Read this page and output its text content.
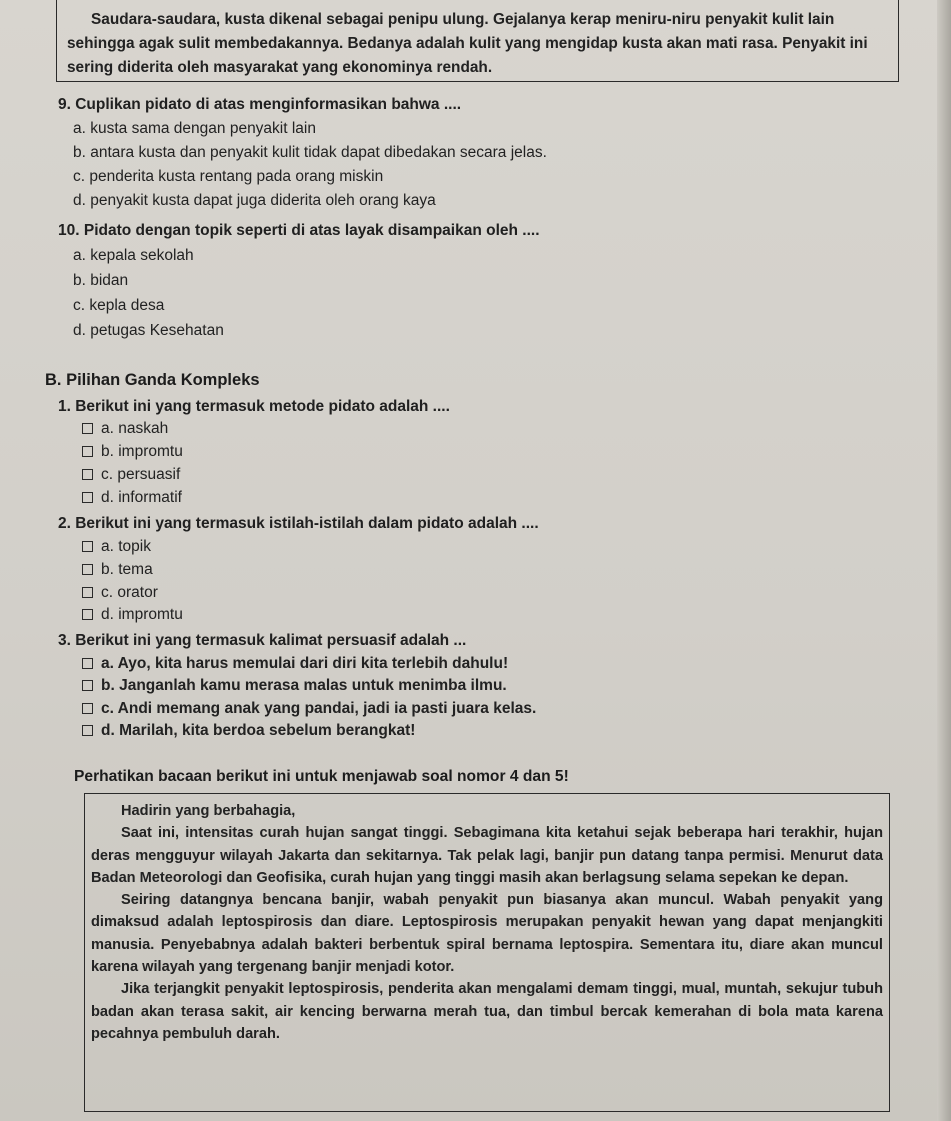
Saudara-saudara, kusta dikenal sebagai penipu ulung. Gejalanya kerap meniru-niru penyakit kulit lain sehingga agak sulit membedakannya. Bedanya adalah kulit yang mengidap kusta akan mati rasa. Penyakit ini sering diderita oleh masyarakat yang ekonominya rendah.
9. Cuplikan pidato di atas menginformasikan bahwa ....
a. kusta sama dengan penyakit lain
b. antara kusta dan penyakit kulit tidak dapat dibedakan secara jelas.
c. penderita kusta rentang pada orang miskin
d. penyakit kusta dapat juga diderita oleh orang kaya
10. Pidato dengan topik seperti di atas layak disampaikan oleh ....
a. kepala sekolah
b. bidan
c. kepla desa
d. petugas Kesehatan
B. Pilihan Ganda Kompleks
1. Berikut ini yang termasuk metode pidato adalah ....
a. naskah
b. impromtu
c. persuasif
d. informatif
2. Berikut ini yang termasuk istilah-istilah dalam pidato adalah ....
a. topik
b. tema
c. orator
d. impromtu
3. Berikut ini yang termasuk kalimat persuasif adalah ...
a. Ayo, kita harus memulai dari diri kita terlebih dahulu!
b. Janganlah kamu merasa malas untuk menimba ilmu.
c. Andi memang anak yang pandai, jadi ia pasti juara kelas.
d. Marilah, kita berdoa sebelum berangkat!
Perhatikan bacaan berikut ini untuk menjawab soal nomor 4 dan 5!

Hadirin yang berbahagia,

Saat ini, intensitas curah hujan sangat tinggi. Sebagimana kita ketahui sejak beberapa hari terakhir, hujan deras mengguyur wilayah Jakarta dan sekitarnya. Tak pelak lagi, banjir pun datang tanpa permisi. Menurut data Badan Meteorologi dan Geofisika, curah hujan yang tinggi masih akan berlagsung selama sepekan ke depan.

Seiring datangnya bencana banjir, wabah penyakit pun biasanya akan muncul. Wabah penyakit yang dimaksud adalah leptospirosis dan diare. Leptospirosis merupakan penyakit hewan yang dapat menjangkiti manusia. Penyebabnya adalah bakteri berbentuk spiral bernama leptospira. Sementara itu, diare akan muncul karena wilayah yang tergenang banjir menjadi kotor.

Jika terjangkit penyakit leptospirosis, penderita akan mengalami demam tinggi, mual, muntah, sekujur tubuh badan akan terasa sakit, air kencing berwarna merah tua, dan timbul bercak kemerahan di bola mata karena pecahnya pembuluh darah.
